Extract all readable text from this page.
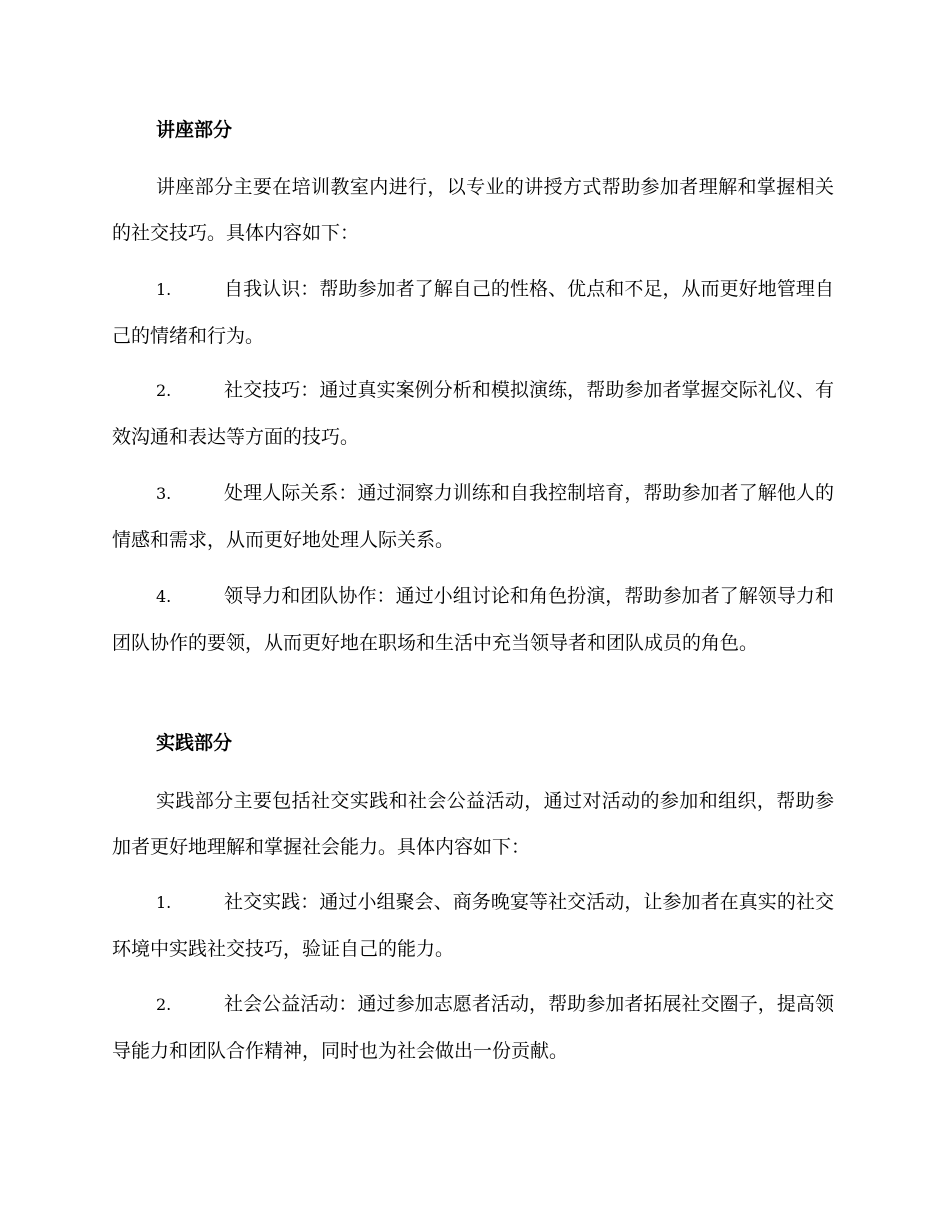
讲座部分

讲座部分主要在培训教室内进行，以专业的讲授方式帮助参加者理解和掌握相关的社交技巧。具体内容如下：

1.	自我认识：帮助参加者了解自己的性格、优点和不足，从而更好地管理自己的情绪和行为。

2.	社交技巧：通过真实案例分析和模拟演练，帮助参加者掌握交际礼仪、有效沟通和表达等方面的技巧。

3.	处理人际关系：通过洞察力训练和自我控制培育，帮助参加者了解他人的情感和需求，从而更好地处理人际关系。

4.	领导力和团队协作：通过小组讨论和角色扮演，帮助参加者了解领导力和团队协作的要领，从而更好地在职场和生活中充当领导者和团队成员的角色。

实践部分

实践部分主要包括社交实践和社会公益活动，通过对活动的参加和组织，帮助参加者更好地理解和掌握社会能力。具体内容如下：

1.	社交实践：通过小组聚会、商务晚宴等社交活动，让参加者在真实的社交环境中实践社交技巧，验证自己的能力。

2.	社会公益活动：通过参加志愿者活动，帮助参加者拓展社交圈子，提高领导能力和团队合作精神，同时也为社会做出一份贡献。
